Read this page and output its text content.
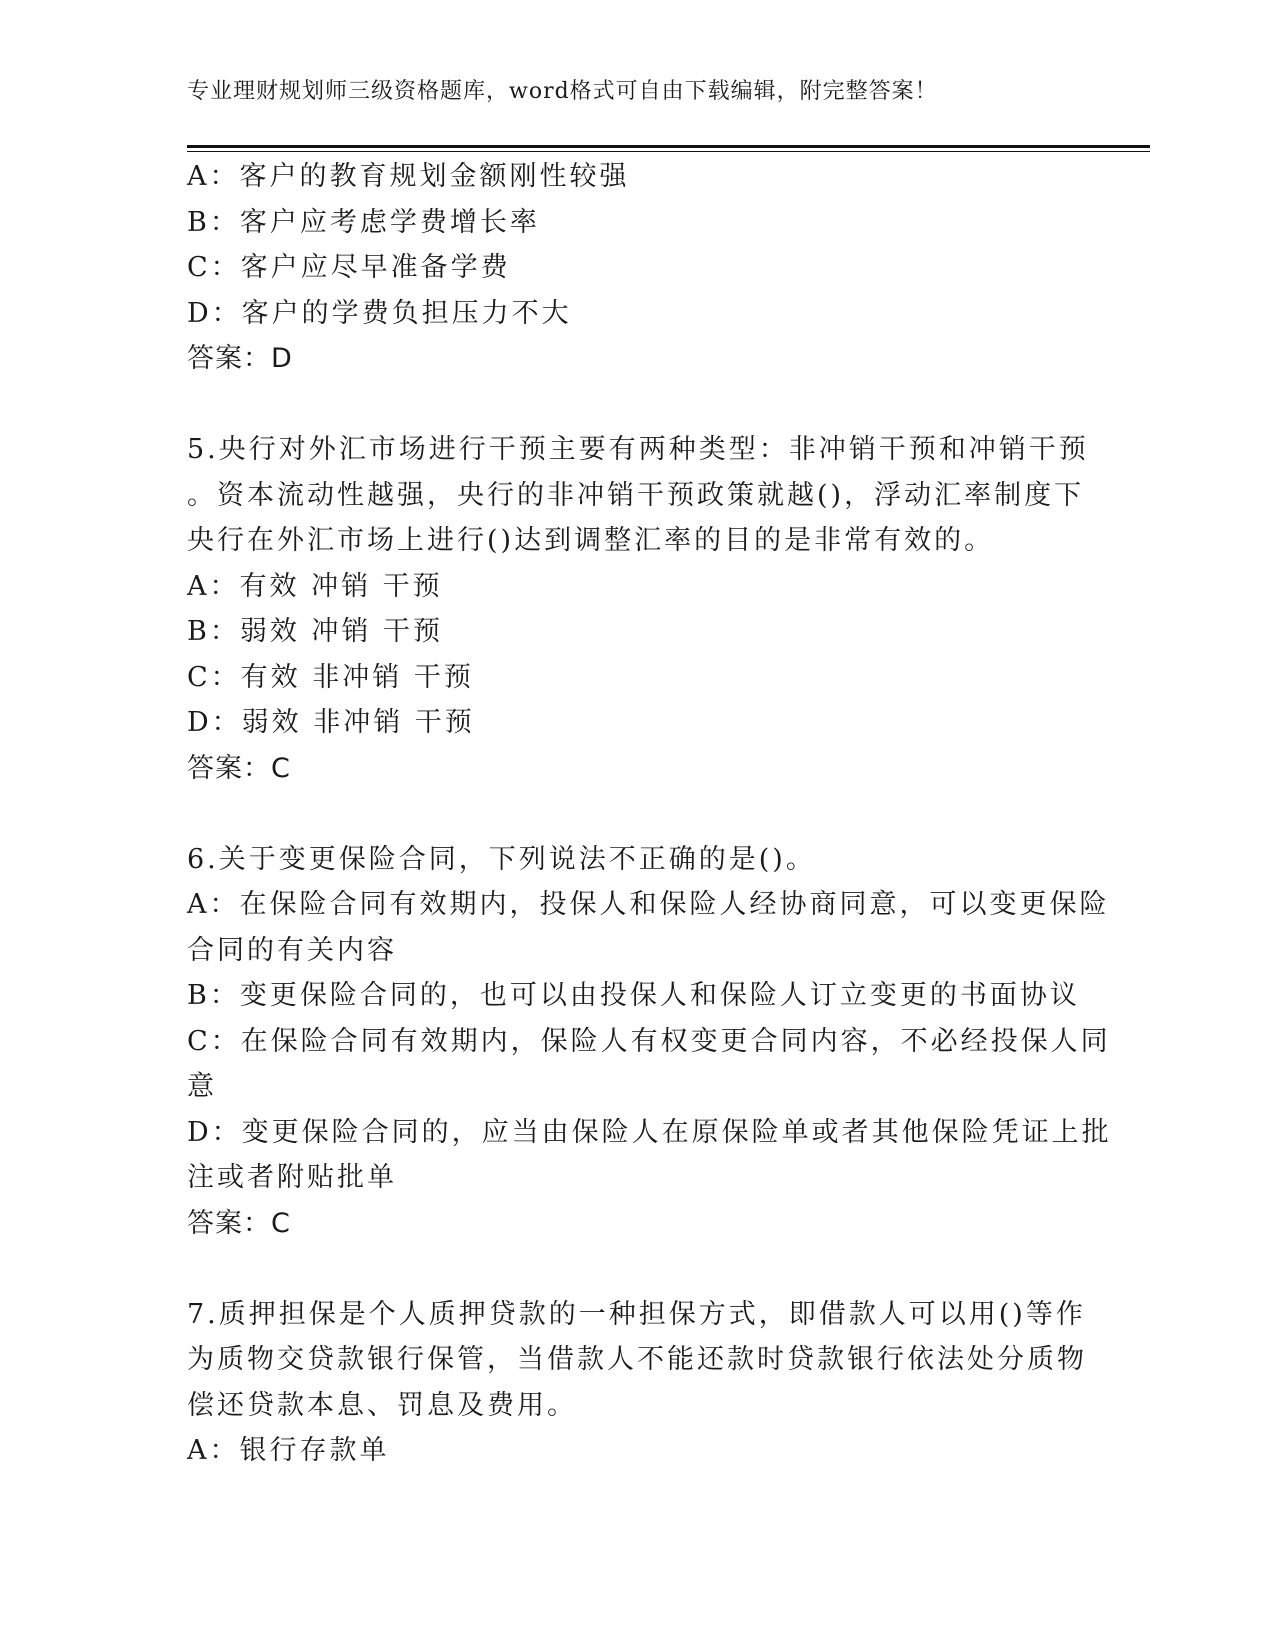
专业理财规划师三级资格题库，word格式可自由下载编辑，附完整答案！
A：客户的教育规划金额刚性较强
B：客户应考虑学费增长率
C：客户应尽早准备学费
D：客户的学费负担压力不大
答案：D
5.央行对外汇市场进行干预主要有两种类型：非冲销干预和冲销干预
。资本流动性越强，央行的非冲销干预政策就越()，浮动汇率制度下
央行在外汇市场上进行()达到调整汇率的目的是非常有效的。
A：有效 冲销 干预
B：弱效 冲销 干预
C：有效 非冲销 干预
D：弱效 非冲销 干预
答案：C
6.关于变更保险合同，下列说法不正确的是()。
A：在保险合同有效期内，投保人和保险人经协商同意，可以变更保险
合同的有关内容
B：变更保险合同的，也可以由投保人和保险人订立变更的书面协议
C：在保险合同有效期内，保险人有权变更合同内容，不必经投保人同
意
D：变更保险合同的，应当由保险人在原保险单或者其他保险凭证上批
注或者附贴批单
答案：C
7.质押担保是个人质押贷款的一种担保方式，即借款人可以用()等作
为质物交贷款银行保管，当借款人不能还款时贷款银行依法处分质物
偿还贷款本息、罚息及费用。
A：银行存款单
